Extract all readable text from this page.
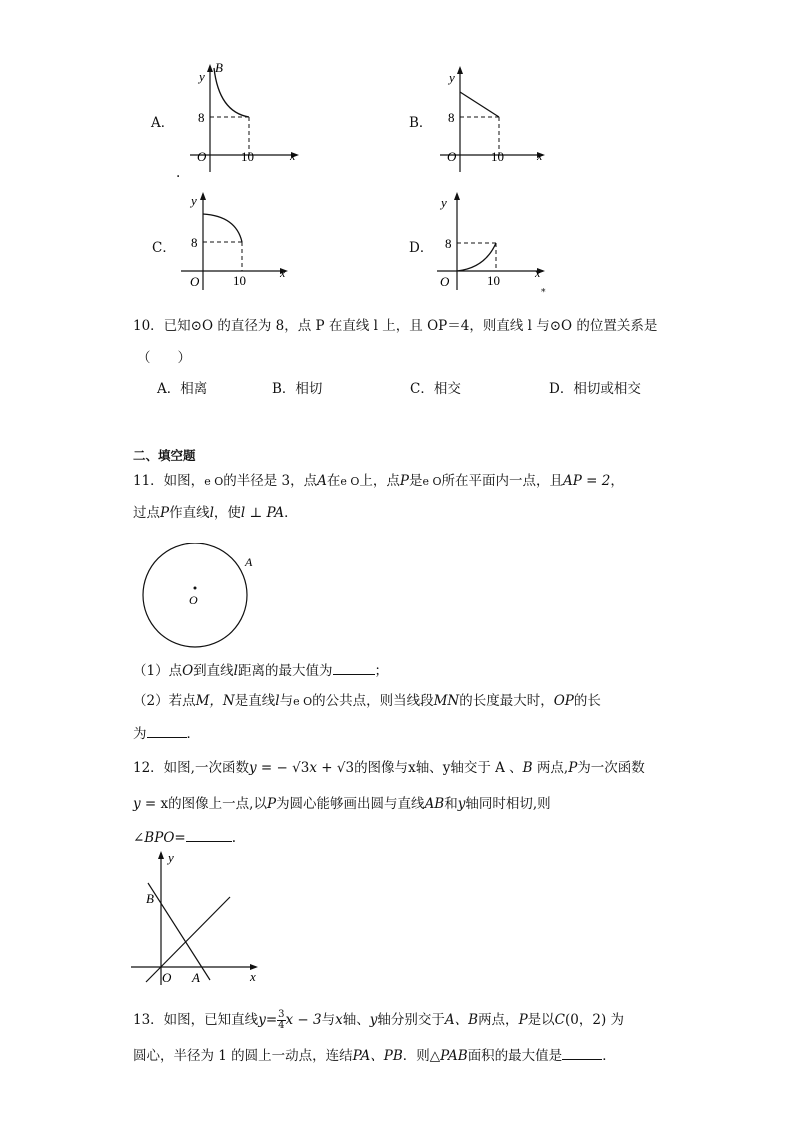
A．
y
B
8
O	10	x
.
B．
y
8
O	10	x
C．
y
8
O	10	x
D．
y
8
O	10	x
*
10．已知⊙O 的直径为 8，点 P 在直线 l 上，且 OP＝4，则直线 l 与⊙O 的位置关系是
（　　）
A．相离	B．相切	C．相交	D．相切或相交
二、填空题
11．如图，e O的半径是 3，点A在e O上，点P是e O所在平面内一点，且AP = 2，
过点P作直线l，使l ⊥ PA．
A
O
（1）点O到直线l距离的最大值为	；
（2）若点M，N是直线l与e O的公共点，则当线段MN的长度最大时，OP的长
为	．
12．如图,一次函数y = − √3x + √3的图像与x轴、y轴交于 A 、B 两点,P为一次函数
y = x的图像上一点,以P为圆心能够画出圆与直线AB和y轴同时相切,则
∠BPO=	.
y
x
B
O A
13．如图，已知直线$y= \frac{3}{4}$ x − 3与x轴、y轴分别交于A、B两点，P是以C(0，2) 为
圆心，半径为 1 的圆上一动点，连结PA、PB．则△PAB面积的最大值是	．
